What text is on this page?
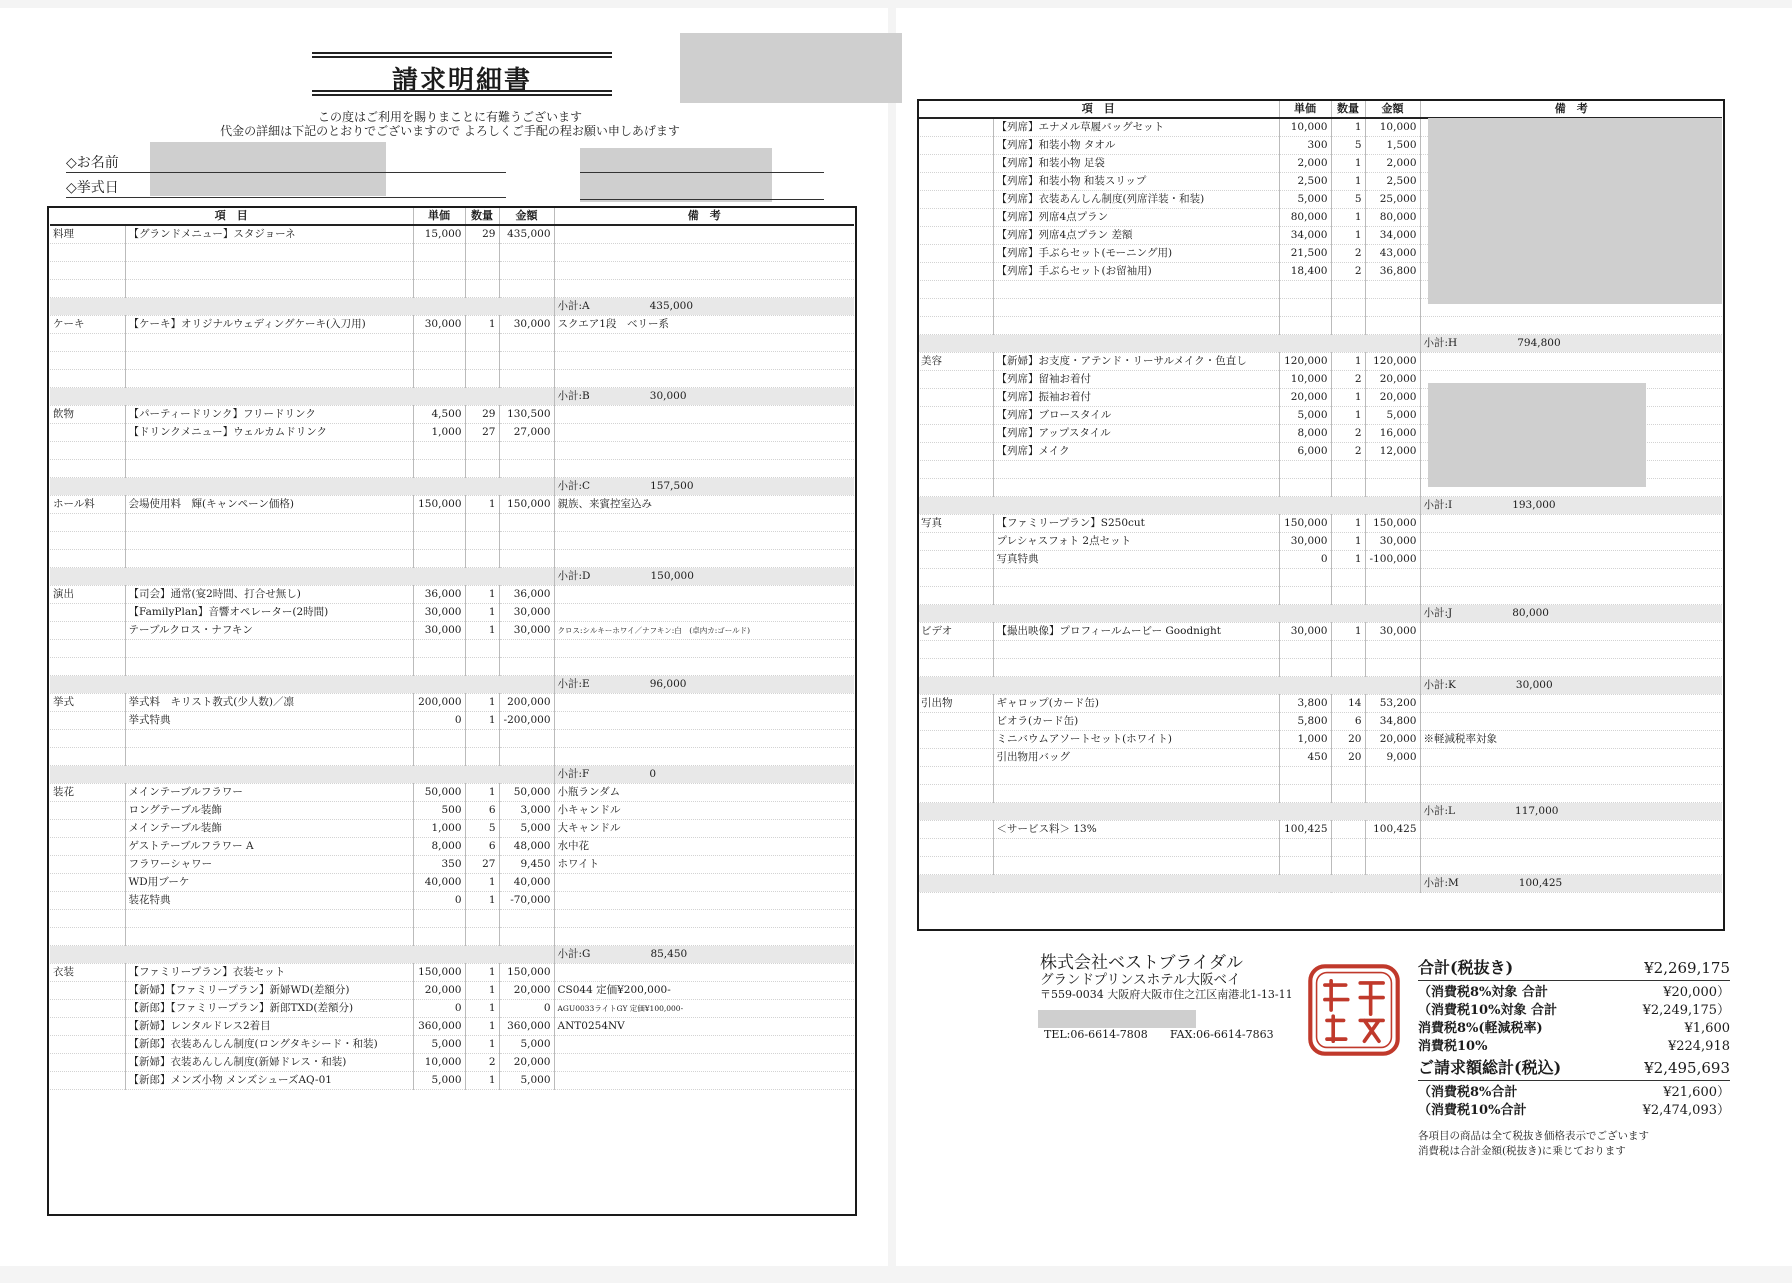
請求明細書
この度はご利用を賜りまことに有難うございます
代金の詳細は下記のとおりでございますので よろしくご手配の程お願い申しあげます
◇お名前
◇挙式日
項　目		単価	数量	金額	備　考
料理	【グランドメニュー】スタジョーネ	15,000	29	435,000	

					小計:A 435,000
ケーキ	【ケーキ】オリジナルウェディングケーキ(入刀用)	30,000	1	30,000	スクエア1段　ベリー系

					小計:B 30,000
飲物	【パーティードリンク】フリードリンク	4,500	29	130,500	
	【ドリンクメニュー】ウェルカムドリンク	1,000	27	27,000	

					小計:C 157,500
ホール料	会場使用料　輝(キャンペーン価格)	150,000	1	150,000	親族、来賓控室込み

					小計:D 150,000
演出	【司会】通常(宴2時間、打合せ無し)	36,000	1	36,000	
	【FamilyPlan】音響オペレーター(2時間)	30,000	1	30,000	
	テーブルクロス・ナフキン	30,000	1	30,000	クロス:シルキーホワイ／ナフキン:白　(卓内カ:ゴールド)

					小計:E 96,000
挙式	挙式料　キリスト教式(少人数)／凛	200,000	1	200,000	
	挙式特典	0	1	-200,000	

					小計:F 0
装花	メインテーブルフラワー	50,000	1	50,000	小瓶ランダム
	ロングテーブル装飾	500	6	3,000	小キャンドル
	メインテーブル装飾	1,000	5	5,000	大キャンドル
	ゲストテーブルフラワー A	8,000	6	48,000	水中花
	フラワーシャワー	350	27	9,450	ホワイト
	WD用ブーケ	40,000	1	40,000	
	装花特典	0	1	-70,000	

					小計:G 85,450
衣装	【ファミリープラン】衣装セット	150,000	1	150,000	
	【新婦】【ファミリープラン】新婦WD(差額分)	20,000	1	20,000	CS044 定価¥200,000-
	【新郎】【ファミリープラン】新郎TXD(差額分)	0	1	0	AGU0033ライトGY 定価¥100,000-
	【新婦】レンタルドレス2着目	360,000	1	360,000	ANT0254NV
	【新郎】衣装あんしん制度(ロングタキシード・和装)	5,000	1	5,000	
	【新婦】衣装あんしん制度(新婦ドレス・和装)	10,000	2	20,000	
	【新郎】メンズ小物 メンズシューズAQ-01	5,000	1	5,000	
項　目		単価	数量	金額	備　考
	【列席】エナメル草履バッグセット	10,000	1	10,000	
	【列席】和装小物 タオル	300	5	1,500	
	【列席】和装小物 足袋	2,000	1	2,000	
	【列席】和装小物 和装スリップ	2,500	1	2,500	
	【列席】衣装あんしん制度(列席洋装・和装)	5,000	5	25,000	
	【列席】列席4点プラン	80,000	1	80,000	
	【列席】列席4点プラン 差額	34,000	1	34,000	
	【列席】手ぶらセット(モーニング用)	21,500	2	43,000	
	【列席】手ぶらセット(お留袖用)	18,400	2	36,800	

					小計:H 794,800
美容	【新婦】お支度・アテンド・リーサルメイク・色直し	120,000	1	120,000	
	【列席】留袖お着付	10,000	2	20,000	
	【列席】振袖お着付	20,000	1	20,000	
	【列席】ブロースタイル	5,000	1	5,000	
	【列席】アップスタイル	8,000	2	16,000	
	【列席】メイク	6,000	2	12,000	

					小計:I 193,000
写真	【ファミリープラン】S250cut	150,000	1	150,000	
	プレシャスフォト 2点セット	30,000	1	30,000	
	写真特典	0	1	-100,000	

					小計:J 80,000
ビデオ	【撮出映像】プロフィールムービー Goodnight	30,000	1	30,000	

					小計:K 30,000
引出物	ギャロップ(カード缶)	3,800	14	53,200	
	ビオラ(カード缶)	5,800	6	34,800	
	ミニバウムアソートセット(ホワイト)	1,000	20	20,000	※軽減税率対象
	引出物用バッグ	450	20	9,000	

					小計:L 117,000
	＜サービス料＞ 13%	100,425		100,425	

					小計:M 100,425
株式会社ベストブライダル
グランドプリンスホテル大阪ベイ
〒559-0034 大阪府大阪市住之江区南港北1-13-11
TEL:06-6614-7808 FAX:06-6614-7863
合計(税抜き)	¥2,269,175
（消費税8%対象 合計	¥20,000）
（消費税10%対象 合計	¥2,249,175）
消費税8%(軽減税率)	¥1,600
消費税10%	¥224,918
ご請求額総計(税込)	¥2,495,693
（消費税8%合計	¥21,600）
（消費税10%合計	¥2,474,093）
各項目の商品は全て税抜き価格表示でございます
消費税は合計金額(税抜き)に乗じております
